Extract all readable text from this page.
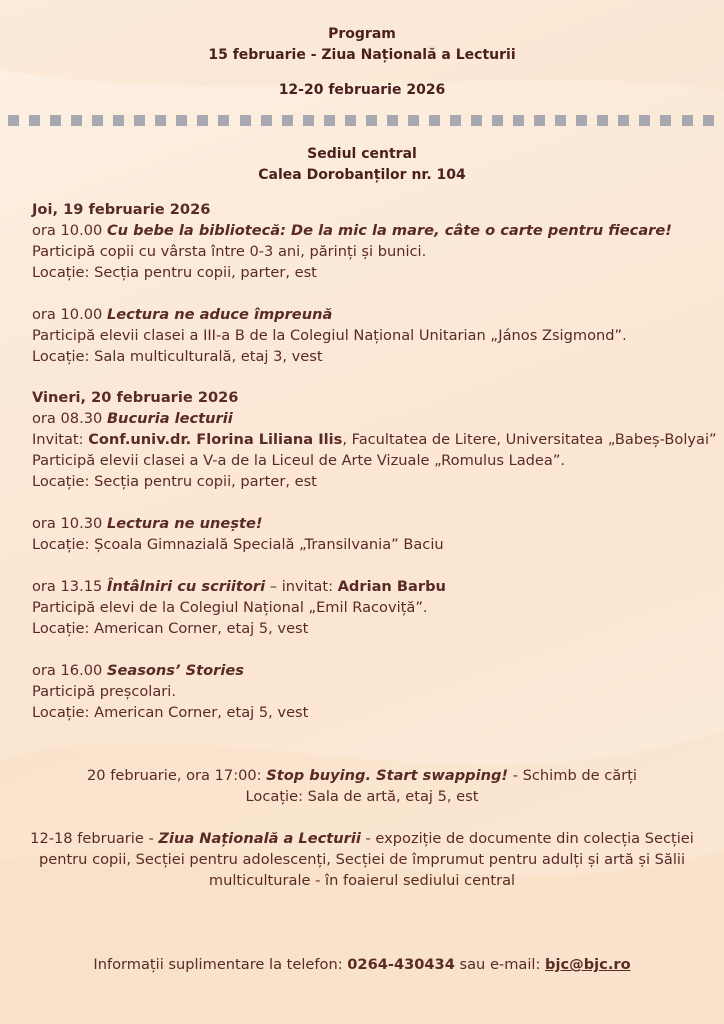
Program
15 februarie - Ziua Națională a Lecturii
12-20 februarie 2026
Sediul central
Calea Dorobanților nr. 104
Joi, 19 februarie 2026
ora 10.00 Cu bebe la bibliotecă: De la mic la mare, câte o carte pentru fiecare!
Participă copii cu vârsta între 0-3 ani, părinți și bunici.
Locație: Secția pentru copii, parter, est
ora 10.00 Lectura ne aduce împreună
Participă elevii clasei a III-a B de la Colegiul Național Unitarian „János Zsigmond”.
Locație: Sala multiculturală, etaj 3, vest
Vineri, 20 februarie 2026
ora 08.30 Bucuria lecturii
Invitat: Conf.univ.dr. Florina Liliana Ilis, Facultatea de Litere, Universitatea „Babeș-Bolyai”
Participă elevii clasei a V-a de la Liceul de Arte Vizuale „Romulus Ladea”.
Locație: Secția pentru copii, parter, est
ora 10.30 Lectura ne unește!
Locație: Școala Gimnazială Specială „Transilvania” Baciu
ora 13.15 Întâlniri cu scriitori – invitat: Adrian Barbu
Participă elevi de la Colegiul Național „Emil Racoviță”.
Locație: American Corner, etaj 5, vest
ora 16.00 Seasons’ Stories
Participă preșcolari.
Locație: American Corner, etaj 5, vest
20 februarie, ora 17:00: Stop buying. Start swapping! - Schimb de cărți
Locație: Sala de artă, etaj 5, est
12-18 februarie - Ziua Națională a Lecturii - expoziție de documente din colecția Secției
pentru copii, Secției pentru adolescenți, Secției de împrumut pentru adulți și artă și Sălii
multiculturale - în foaierul sediului central
Informații suplimentare la telefon: 0264-430434 sau e-mail: bjc@bjc.ro
